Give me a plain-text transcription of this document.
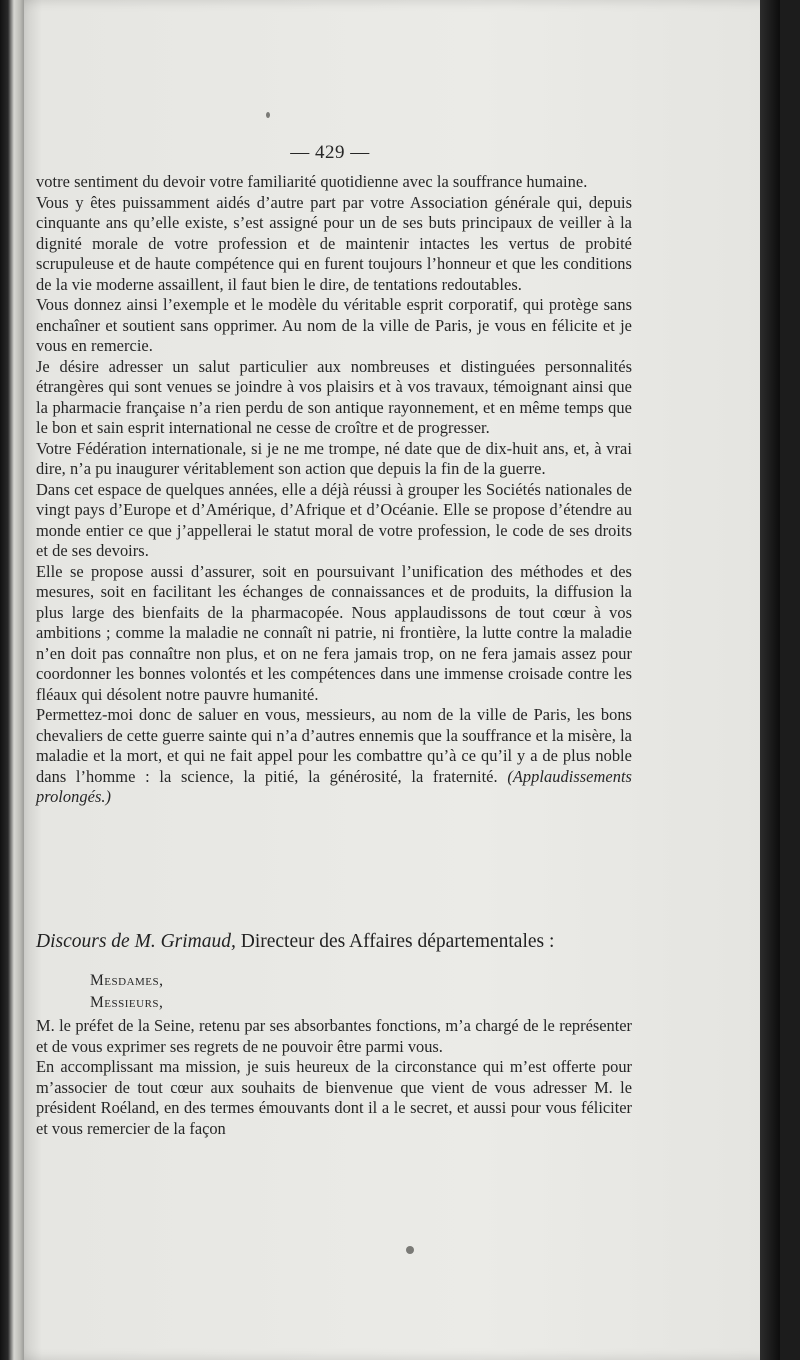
— 429 —

votre sentiment du devoir votre familiarité quotidienne avec la souffrance humaine.

Vous y êtes puissamment aidés d’autre part par votre Association générale qui, depuis cinquante ans qu’elle existe, s’est assigné pour un de ses buts principaux de veiller à la dignité morale de votre profession et de maintenir intactes les vertus de probité scrupuleuse et de haute compétence qui en furent toujours l’honneur et que les conditions de la vie moderne assaillent, il faut bien le dire, de tentations redoutables.

Vous donnez ainsi l’exemple et le modèle du véritable esprit corporatif, qui protège sans enchaîner et soutient sans opprimer. Au nom de la ville de Paris, je vous en félicite et je vous en remercie.

Je désire adresser un salut particulier aux nombreuses et distinguées personnalités étrangères qui sont venues se joindre à vos plaisirs et à vos travaux, témoignant ainsi que la pharmacie française n’a rien perdu de son antique rayonnement, et en même temps que le bon et sain esprit international ne cesse de croître et de progresser.

Votre Fédération internationale, si je ne me trompe, né date que de dix-huit ans, et, à vrai dire, n’a pu inaugurer véritablement son action que depuis la fin de la guerre.

Dans cet espace de quelques années, elle a déjà réussi à grouper les Sociétés nationales de vingt pays d’Europe et d’Amérique, d’Afrique et d’Océanie. Elle se propose d’étendre au monde entier ce que j’appellerai le statut moral de votre profession, le code de ses droits et de ses devoirs.

Elle se propose aussi d’assurer, soit en poursuivant l’unification des méthodes et des mesures, soit en facilitant les échanges de connaissances et de produits, la diffusion la plus large des bienfaits de la pharmacopée. Nous applaudissons de tout cœur à vos ambitions ; comme la maladie ne connaît ni patrie, ni frontière, la lutte contre la maladie n’en doit pas connaître non plus, et on ne fera jamais trop, on ne fera jamais assez pour coordonner les bonnes volontés et les compétences dans une immense croisade contre les fléaux qui désolent notre pauvre humanité.

Permettez-moi donc de saluer en vous, messieurs, au nom de la ville de Paris, les bons chevaliers de cette guerre sainte qui n’a d’autres ennemis que la souffrance et la misère, la maladie et la mort, et qui ne fait appel pour les combattre qu’à ce qu’il y a de plus noble dans l’homme : la science, la pitié, la générosité, la fraternité. (Applaudissements prolongés.)

Discours de M. Grimaud, Directeur des Affaires départementales :
Mesdames,
Messieurs,

M. le préfet de la Seine, retenu par ses absorbantes fonctions, m’a chargé de le représenter et de vous exprimer ses regrets de ne pouvoir être parmi vous.

En accomplissant ma mission, je suis heureux de la circonstance qui m’est offerte pour m’associer de tout cœur aux souhaits de bienvenue que vient de vous adresser M. le président Roéland, en des termes émouvants dont il a le secret, et aussi pour vous féliciter et vous remercier de la façon
